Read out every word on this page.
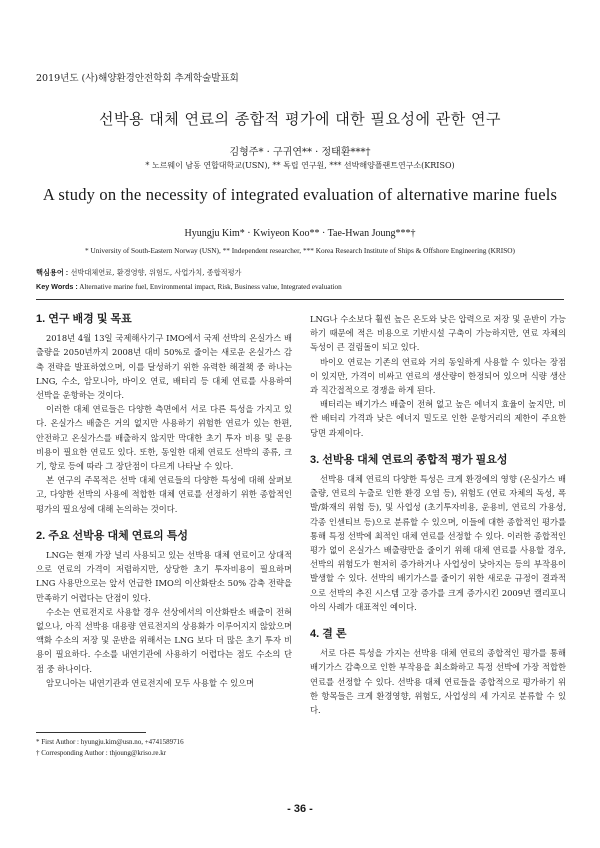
2019년도 (사)해양환경안전학회 추계학술발표회
선박용 대체 연료의 종합적 평가에 대한 필요성에 관한 연구
김형주* · 구귀연** · 정태환***†
* 노르웨이 남동 연합대학교(USN), ** 독립 연구원, *** 선박해양플랜트연구소(KRISO)
A study on the necessity of integrated evaluation of alternative marine fuels
Hyungju Kim* · Kwiyeon Koo** · Tae-Hwan Joung***†
* University of South-Eastern Norway (USN), ** Independent researcher, *** Korea Research Institute of Ships & Offshore Engineering (KRISO)
핵심용어 : 선박대체연료, 환경영향, 위험도, 사업가치, 종합적평가
Key Words : Alternative marine fuel, Environmental impact, Risk, Business value, Integrated evaluation
1. 연구 배경 및 목표

2018년 4월 13일 국제해사기구 IMO에서 국제 선박의 온실가스 배출량을 2050년까지 2008년 대비 50%로 줄이는 새로운 온실가스 감축 전략을 발표하였으며, 이를 달성하기 위한 유력한 해결책 중 하나는 LNG, 수소, 암모니아, 바이오 연료, 배터리 등 대체 연료를 사용하여 선박을 운항하는 것이다.

이러한 대체 연료들은 다양한 측면에서 서로 다른 특성을 가지고 있다. 온실가스 배출은 거의 없지만 사용하기 위험한 연료가 있는 한편, 안전하고 온실가스를 배출하지 않지만 막대한 초기 투자 비용 및 운용비용이 필요한 연료도 있다. 또한, 동일한 대체 연료도 선박의 종류, 크기, 항로 등에 따라 그 장단점이 다르게 나타날 수 있다.

본 연구의 주목적은 선박 대체 연료들의 다양한 특성에 대해 살펴보고, 다양한 선박의 사용에 적합한 대체 연료를 선정하기 위한 종합적인 평가의 필요성에 대해 논의하는 것이다.

2. 주요 선박용 대체 연료의 특성

LNG는 현재 가장 널리 사용되고 있는 선박용 대체 연료이고 상대적으로 연료의 가격이 저렴하지만, 상당한 초기 투자비용이 필요하며 LNG 사용만으로는 앞서 언급한 IMO의 이산화탄소 50% 감축 전략을 만족하기 어렵다는 단점이 있다.

수소는 연료전지로 사용할 경우 선상에서의 이산화탄소 배출이 전혀 없으나, 아직 선박용 대용량 연료전지의 상용화가 이루어지지 않았으며 액화 수소의 저장 및 운반을 위해서는 LNG 보다 더 많은 초기 투자 비용이 필요하다. 수소를 내연기관에 사용하기 어렵다는 점도 수소의 단점 중 하나이다.

암모니아는 내연기관과 연료전지에 모두 사용할 수 있으며

LNG나 수소보다 훨씬 높은 온도와 낮은 압력으로 저장 및 운반이 가능하기 때문에 적은 비용으로 기반시설 구축이 가능하지만, 연료 자체의 독성이 큰 걸림돌이 되고 있다.

바이오 연료는 기존의 연료와 거의 동일하게 사용할 수 있다는 장점이 있지만, 가격이 비싸고 연료의 생산량이 한정되어 있으며 식량 생산과 직간접적으로 경쟁을 하게 된다.

배터리는 배기가스 배출이 전혀 없고 높은 에너지 효율이 높지만, 비싼 배터리 가격과 낮은 에너지 밀도로 인한 운항거리의 제한이 주요한 당면 과제이다.

3. 선박용 대체 연료의 종합적 평가 필요성

선박용 대체 연료의 다양한 특성은 크게 환경에의 영향 (온실가스 배출량, 연료의 누출로 인한 환경 오염 등), 위험도 (연료 자체의 독성, 폭발/화재의 위험 등), 및 사업성 (초기투자비용, 운용비, 연료의 가용성, 각종 인센티브 등)으로 분류할 수 있으며, 이들에 대한 종합적인 평가를 통해 특정 선박에 최적인 대체 연료를 선정할 수 있다. 이러한 종합적인 평가 없이 온실가스 배출량만을 줄이기 위해 대체 연료를 사용할 경우, 선박의 위험도가 현저히 증가하거나 사업성이 낮아지는 등의 부작용이 발생할 수 있다. 선박의 배기가스를 줄이기 위한 새로운 규정이 결과적으로 선박의 추진 시스템 고장 증가를 크게 증가시킨 2009년 캘리포니아의 사례가 대표적인 예이다.

4. 결 론

서로 다른 특성을 가지는 선박용 대체 연료의 종합적인 평가를 통해 배기가스 감축으로 인한 부작용을 최소화하고 특정 선박에 가장 적합한 연료를 선정할 수 있다. 선박용 대체 연료들을 종합적으로 평가하기 위한 항목들은 크게 환경영향, 위험도, 사업성의 세 가지로 분류할 수 있다.

* First Author : hyungju.kim@usn.no, +4741589716
† Corresponding Author : thjoung@kriso.re.kr
- 36 -
